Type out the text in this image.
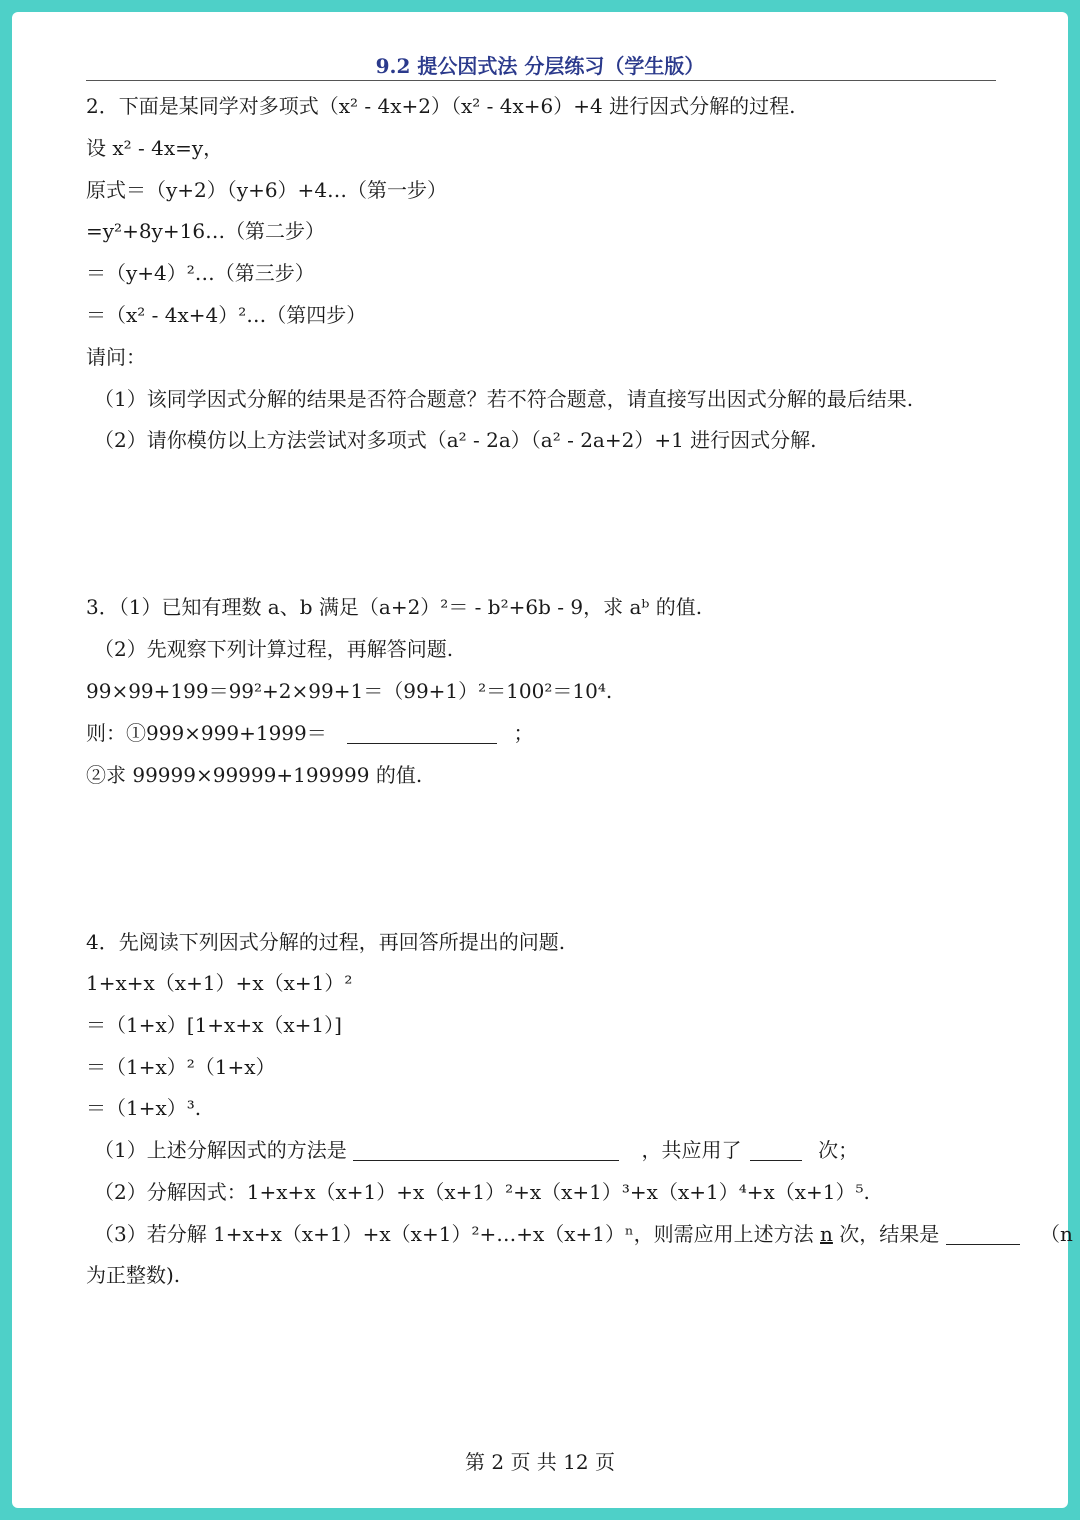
9.2 提公因式法 分层练习（学生版）
2．下面是某同学对多项式（x² - 4x+2）（x² - 4x+6）+4 进行因式分解的过程.
设 x² - 4x=y，
原式＝（y+2）（y+6）+4…（第一步）
=y²+8y+16…（第二步）
＝（y+4）²…（第三步）
＝（x² - 4x+4）²…（第四步）
请问：
（1）该同学因式分解的结果是否符合题意？若不符合题意，请直接写出因式分解的最后结果.
（2）请你模仿以上方法尝试对多项式（a² - 2a）（a² - 2a+2）+1 进行因式分解.
3．（1）已知有理数 a、b 满足（a+2）²＝ - b²+6b - 9，求 aᵇ 的值.
（2）先观察下列计算过程，再解答问题.
99×99+199＝99²+2×99+1＝（99+1）²＝100²＝10⁴.
则：①999×999+1999＝	；
②求 99999×99999+199999 的值.
4．先阅读下列因式分解的过程，再回答所提出的问题.
1+x+x（x+1）+x（x+1）²
＝（1+x）[1+x+x（x+1）]
＝（1+x）²（1+x）
＝（1+x）³.
（1）上述分解因式的方法是	，共应用了	次；
（2）分解因式：1+x+x（x+1）+x（x+1）²+x（x+1）³+x（x+1）⁴+x（x+1）⁵.
（3）若分解 1+x+x（x+1）+x（x+1）²+…+x（x+1）ⁿ，则需应用上述方法 n 次，结果是	（n
为正整数).
第 2 页 共 12 页
